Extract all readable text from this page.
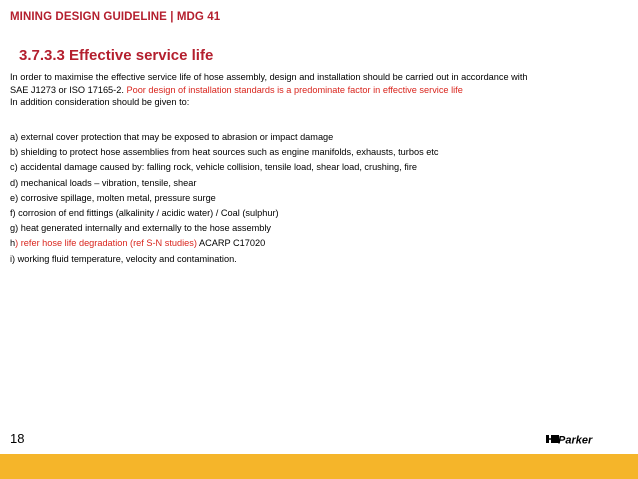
MINING DESIGN GUIDELINE | MDG 41
3.7.3.3 Effective service life

In order to maximise the effective service life of hose assembly, design and installation should be carried out in accordance with

SAE J1273 or ISO 17165-2. Poor design of installation standards is a predominate factor in effective service life

In addition consideration should be given to:

a) external cover protection that may be exposed to abrasion or impact damage
b) shielding to protect hose assemblies from heat sources such as engine manifolds, exhausts, turbos etc
c) accidental damage caused by: falling rock, vehicle collision, tensile load, shear load, crushing, fire
d) mechanical loads – vibration, tensile, shear
e) corrosive spillage, molten metal, pressure surge
f) corrosion of end fittings (alkalinity / acidic water) / Coal (sulphur)
g) heat generated internally and externally to the hose assembly
h) refer hose life degradation (ref S-N studies) ACARP C17020
i) working fluid temperature, velocity and contamination.
18	Parker
